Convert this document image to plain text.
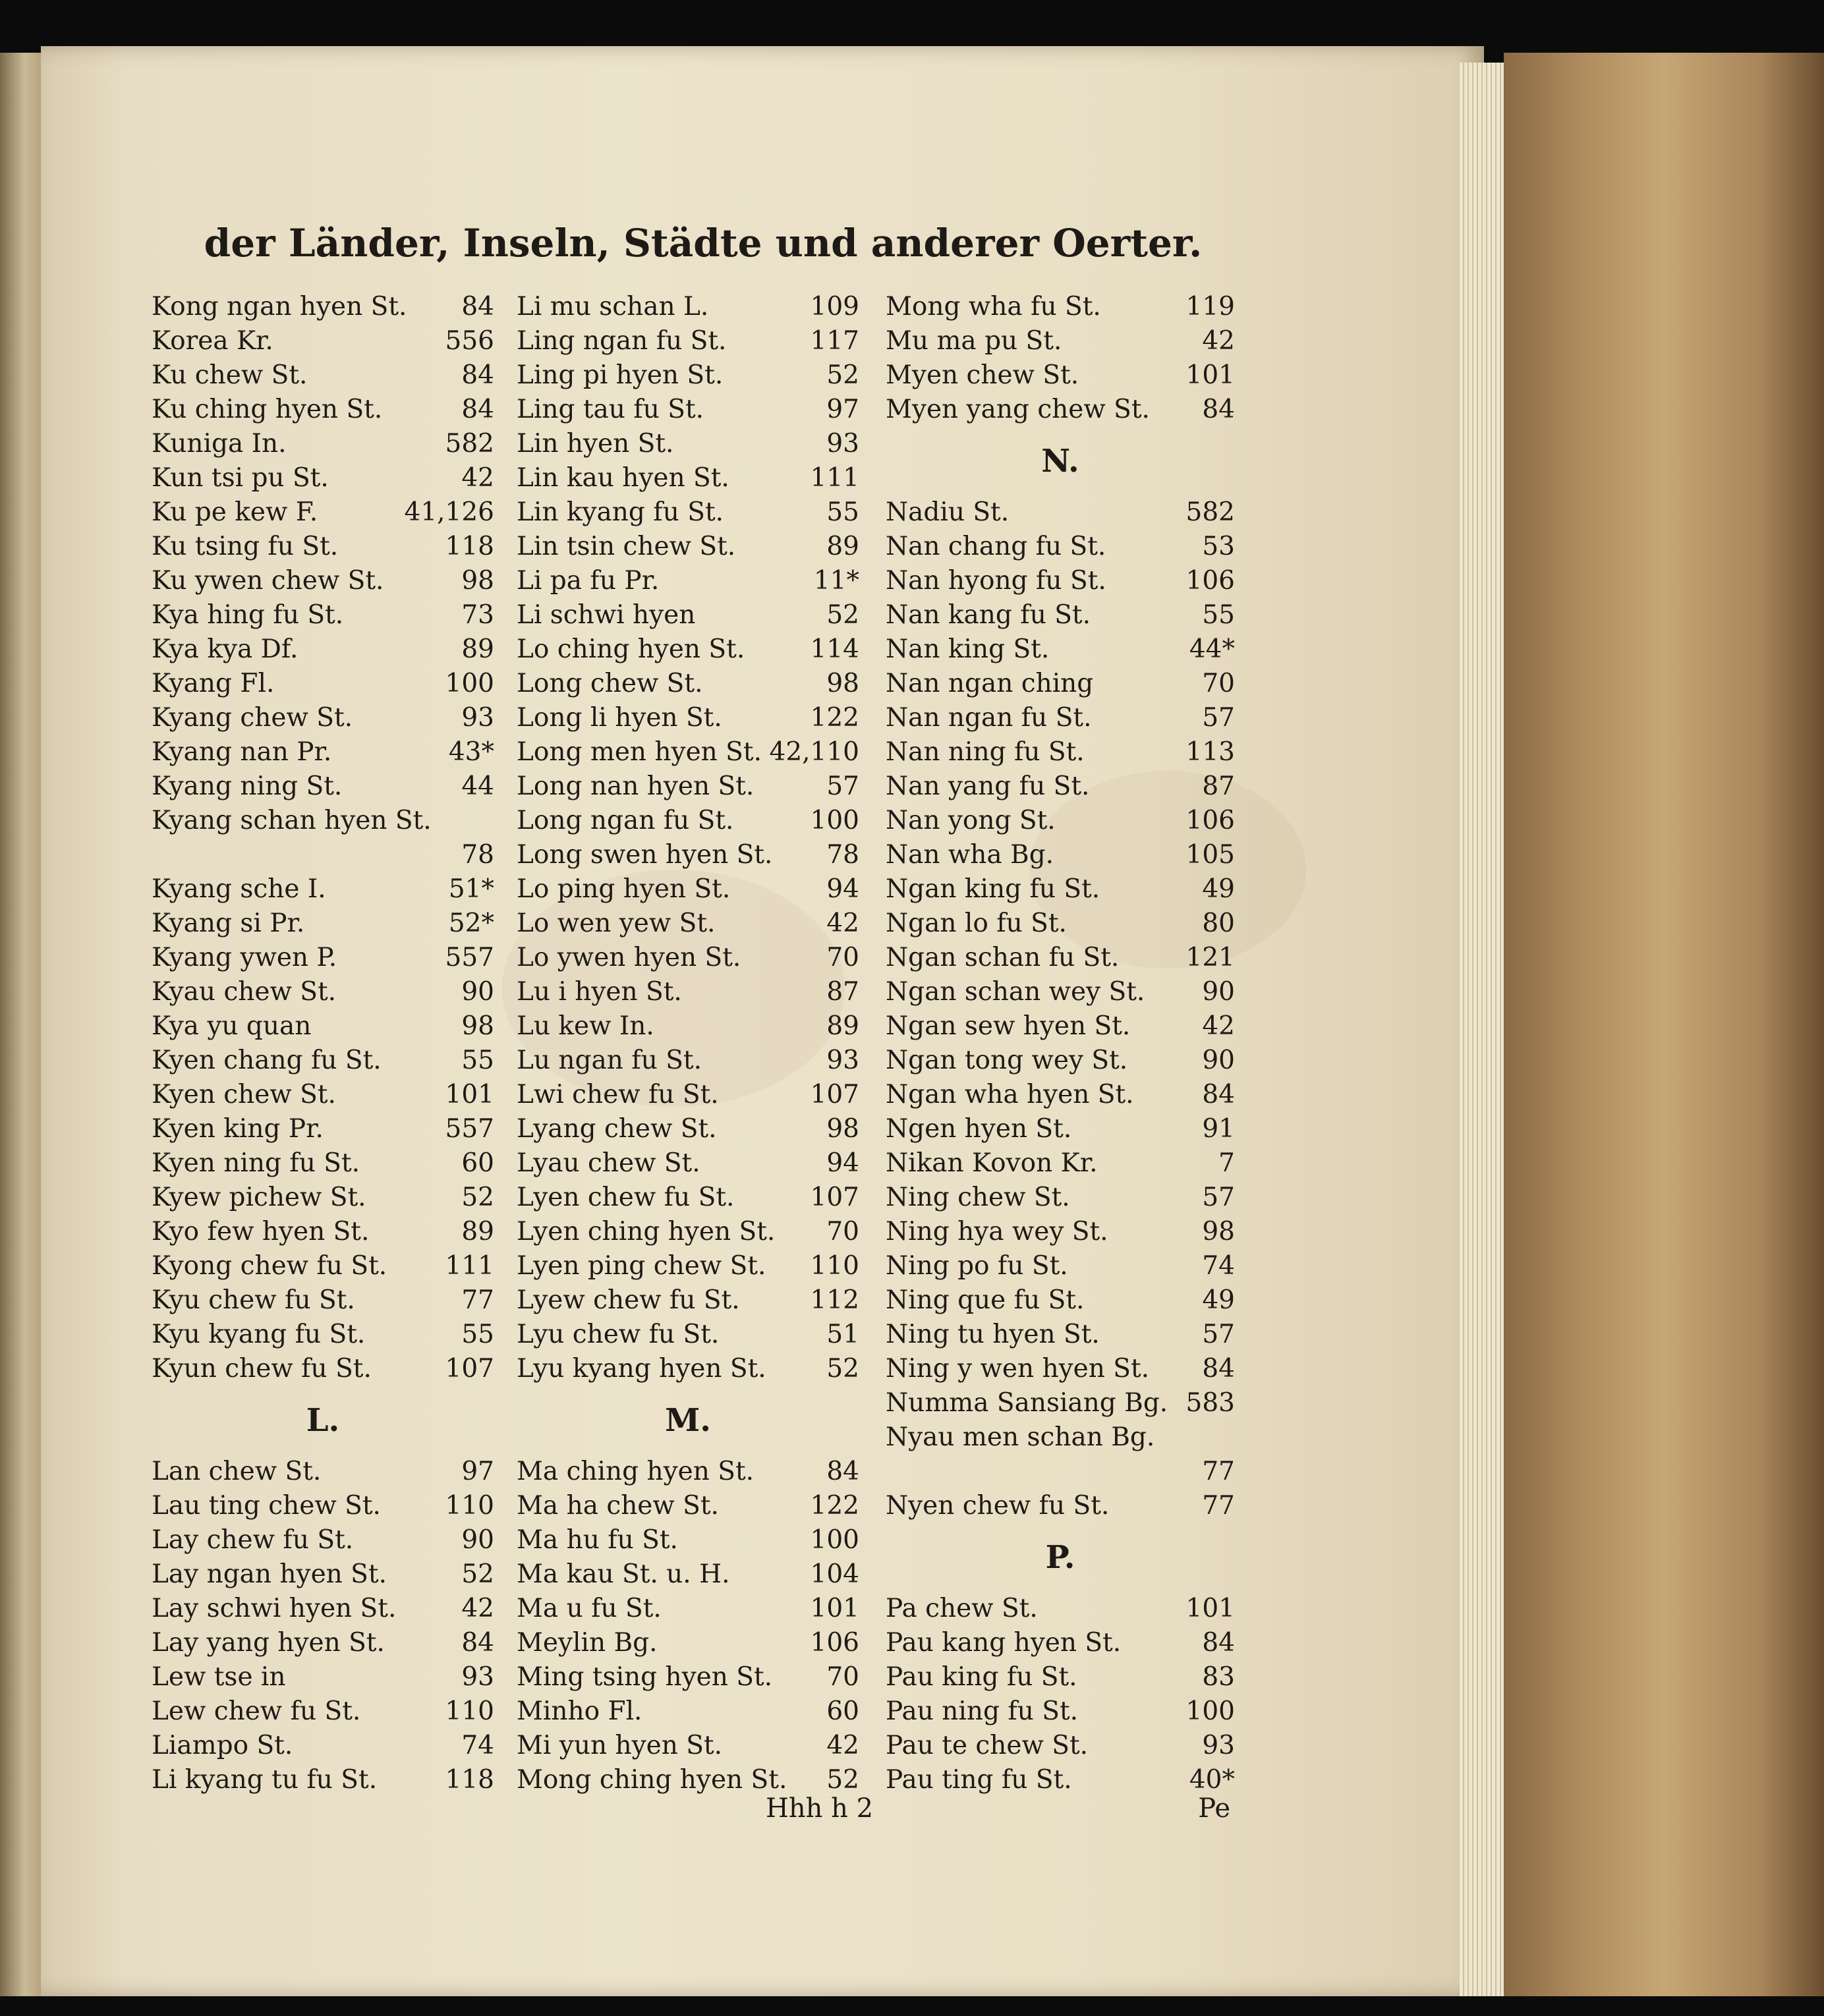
der Länder, Inseln, Städte und anderer Oerter.
Kong ngan hyen St. 84
Korea Kr.	556
Ku chew St.	84
Ku ching hyen St.	84
Kuniga In.	582
Kun tsi pu St.	42
Ku pe kew F.	41,126
Ku tsing fu St.	118
Ku ywen chew St.	98
Kya hing fu St.	73
Kya kya Df.	89
Kyang Fl.	100
Kyang chew St.	93
Kyang nan Pr.	43*
Kyang ning St.	44
Kyang schan hyen St.
78
Kyang sche I.	51*
Kyang si Pr.	52*
Kyang ywen P.	557
Kyau chew St.	90
Kya yu quan	98
Kyen chang fu St.	55
Kyen chew St.	101
Kyen king Pr.	557
Kyen ning fu St.	60
Kyew pichew St.	52
Kyo few hyen St.	89
Kyong chew fu St. 111
Kyu chew fu St.	77
Kyu kyang fu St.	55
Kyun chew fu St.	107
L.
Lan chew St.	97
Lau ting chew St.	110
Lay chew fu St.	90
Lay ngan hyen St.	52
Lay schwi hyen St.	42
Lay yang hyen St.	84
Lew tse in	93
Lew chew fu St.	110
Liampo St.	74
Li kyang tu fu St.	118
Li mu schan L.	109
Ling ngan fu St.	117
Ling pi hyen St.	52
Ling tau fu St.	97
Lin hyen St.	93
Lin kau hyen St.	111
Lin kyang fu St.	55
Lin tsin chew St.	89
Li pa fu Pr.	11*
Li schwi hyen	52
Lo ching hyen St.	114
Long chew St.	98
Long li hyen St.	122
Long men hyen St. 42,110
Long nan hyen St.	57
Long ngan fu St.	100
Long swen hyen St. 78
Lo ping hyen St.	94
Lo wen yew St.	42
Lo ywen hyen St.	70
Lu i hyen St.	87
Lu kew In.	89
Lu ngan fu St.	93
Lwi chew fu St.	107
Lyang chew St.	98
Lyau chew St.	94
Lyen chew fu St.	107
Lyen ching hyen St. 70
Lyen ping chew St. 110
Lyew chew fu St.	112
Lyu chew fu St.	51
Lyu kyang hyen St. 52
M.
Ma ching hyen St.	84
Ma ha chew St.	122
Ma hu fu St.	100
Ma kau St. u. H.	104
Ma u fu St.	101
Meylin Bg.	106
Ming tsing hyen St. 70
Minho Fl.	60
Mi yun hyen St.	42
Mong ching hyen St. 52
Mong wha fu St.	119
Mu ma pu St.	42
Myen chew St.	101
Myen yang chew St. 84
N.
Nadiu St.	582
Nan chang fu St.	53
Nan hyong fu St.	106
Nan kang fu St.	55
Nan king St.	44*
Nan ngan ching	70
Nan ngan fu St.	57
Nan ning fu St.	113
Nan yang fu St.	87
Nan yong St.	106
Nan wha Bg.	105
Ngan king fu St.	49
Ngan lo fu St.	80
Ngan schan fu St.	121
Ngan schan wey St. 90
Ngan sew hyen St.	42
Ngan tong wey St.	90
Ngan wha hyen St.	84
Ngen hyen St.	91
Nikan Kovon Kr.	7
Ning chew St.	57
Ning hya wey St.	98
Ning po fu St.	74
Ning que fu St.	49
Ning tu hyen St.	57
Ning y wen hyen St. 84
Numma Sansiang Bg. 583
Nyau men schan Bg.
77
Nyen chew fu St.	77
P.
Pa chew St.	101
Pau kang hyen St.	84
Pau king fu St.	83
Pau ning fu St.	100
Pau te chew St.	93
Pau ting fu St.	40*
Hhh h 2	Pe
